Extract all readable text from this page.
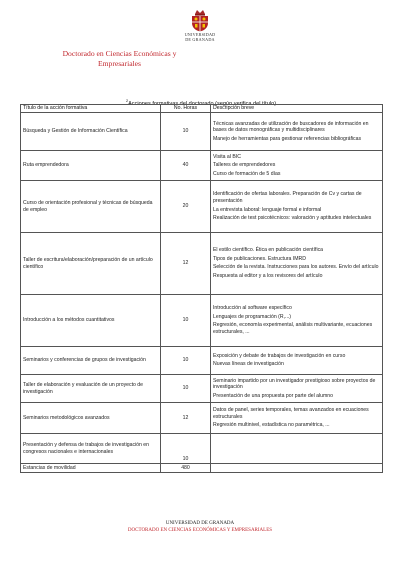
UNIVERSIDAD
DE GRANADA
Doctorado en Ciencias Económicas y Empresariales
$^2$Acciones formativas del doctorado (según verifica del título)
Título de la acción formativa	No. Horas	Descripción breve
Búsqueda y Gestión de Información Científica	10	Técnicas avanzadas de utilización de buscadores de información en bases de datos monográficas y multidisciplinares
Manejo de herramientas para gestionar referencias bibliográficas

Ruta emprendedora	40	Visita al BIC
Talleres de emprendedores
Curso de formación de 5 días

Curso de orientación profesional y técnicas de búsqueda de empleo	20	Identificación de ofertas laborales. Preparación de Cv y cartas de presentación
La entrevista laboral: lenguaje formal e informal
Realización de test psicotécnicos: valoración y aptitudes intelectuales

Taller de escritura/elaboración/preparación de un artículo científico	12	El estilo científico. Ética en publicación científica
Tipos de publicaciones. Estructura IMRD
Selección de la revista. Instrucciones para los autores. Envío del artículo
Respuesta al editor y a los revisores del artículo

Introducción a los métodos cuantitativos	10	Introducción al software específico
Lenguajes de programación (R,...)
Regresión, economía experimental, análisis multivariante, ecuaciones estructurales, ...

Seminarios y conferencias de grupos de investigación	10	Exposición y debate de trabajos de investigación en curso
Nuevas líneas de investigación

Taller de elaboración y evaluación de un proyecto de investigación	10	Seminario impartido por un investigador prestigioso sobre proyectos de investigación
Presentación de una propuesta por parte del alumno

Seminarios metodológicos avanzados	12	Datos de panel, series temporales, temas avanzados en ecuaciones estructurales
Regresión multinivel, estadística no paramétrica, ...

Presentación y defensa de trabajos de investigación en congresos nacionales e internacionales	10	
Estancias de movilidad	480	
UNIVERSIDAD DE GRANADA
DOCTORADO EN CIENCIAS ECONÓMICAS Y EMPRESARIALES
